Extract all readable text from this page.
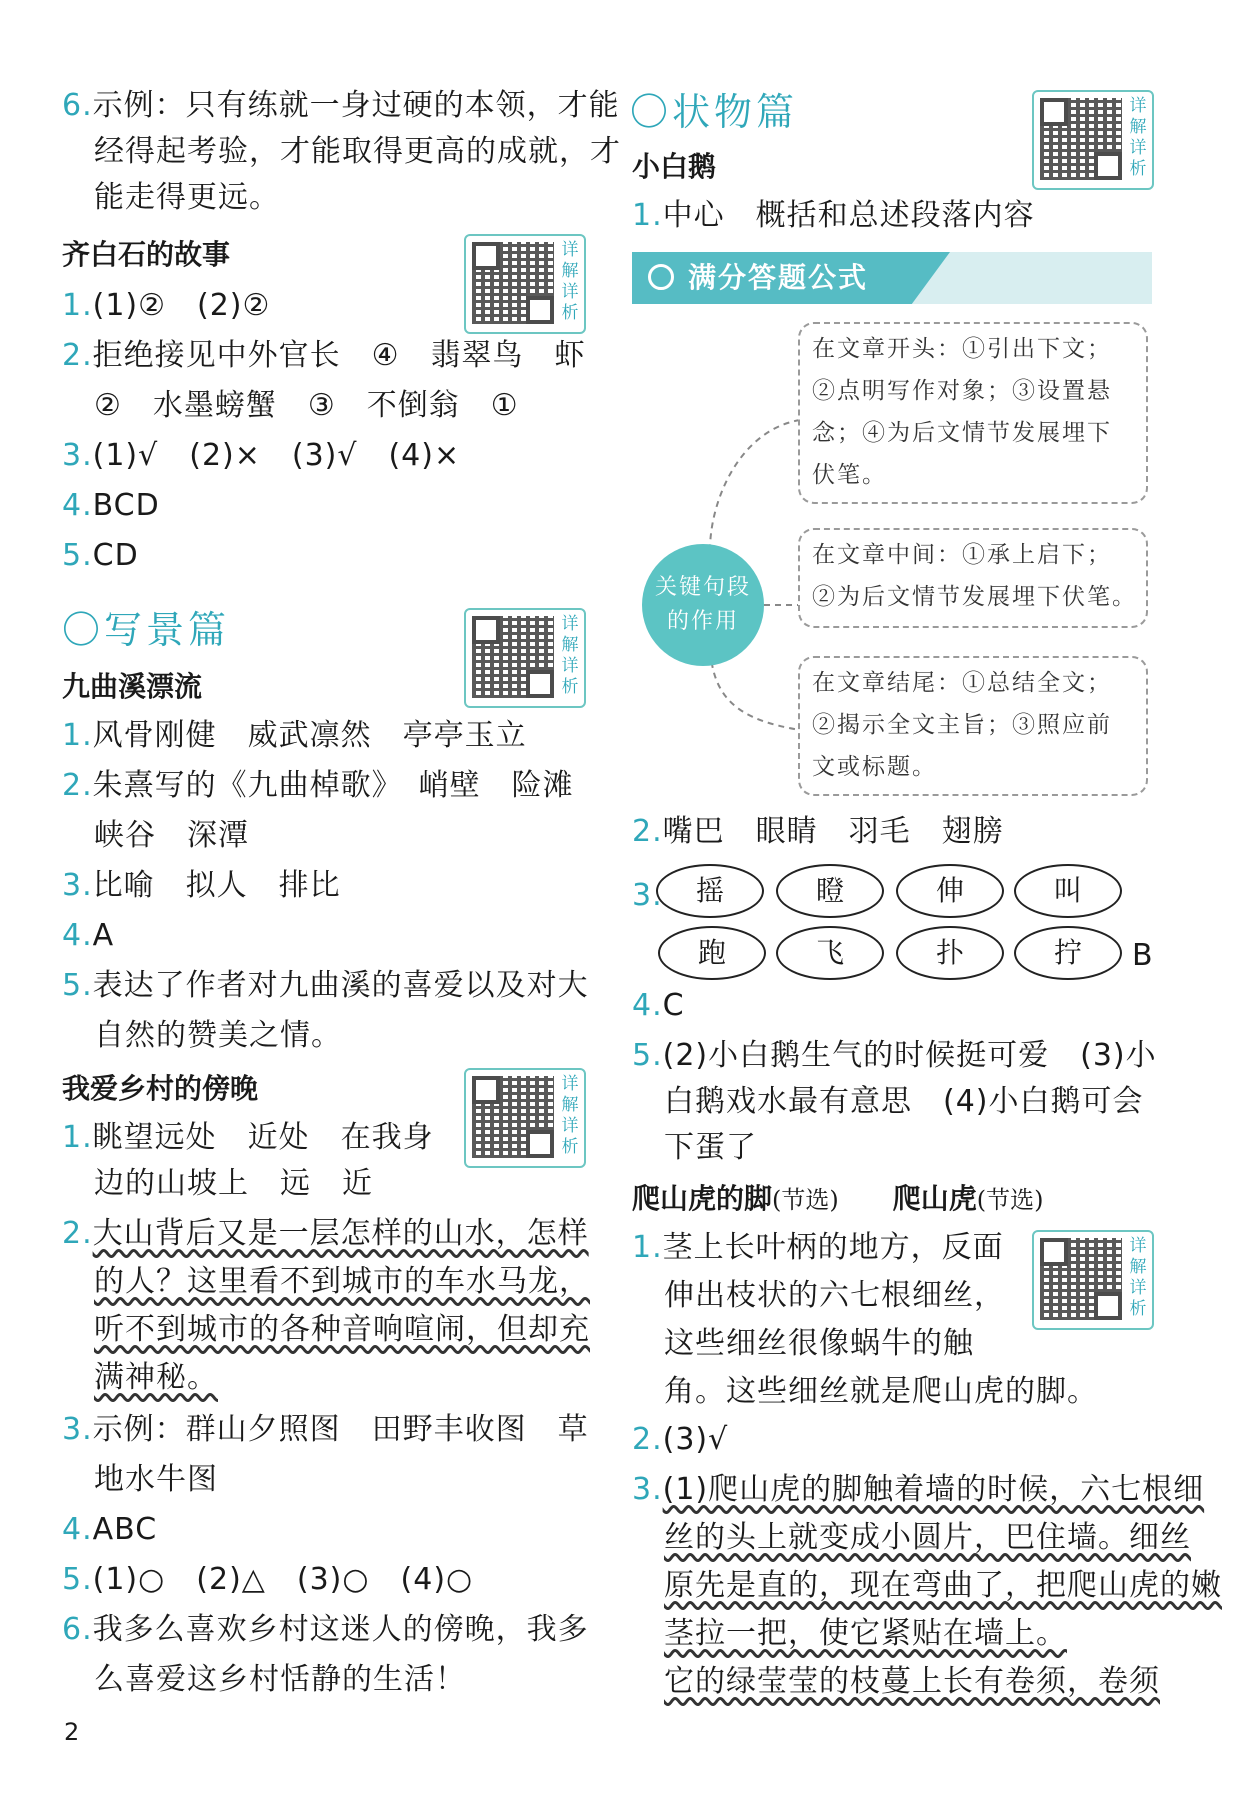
6.示例：只有练就一身过硬的本领，才能
经得起考验，才能取得更高的成就，才
能走得更远。
齐白石的故事	详解详析
1.(1)②　(2)②
2.拒绝接见中外官长　④　翡翠鸟　虾
②　水墨螃蟹　③　不倒翁　①
3.(1)√　(2)×　(3)√　(4)×
4.BCD
5.CD
〇写景篇	详解详析
九曲溪漂流
1.风骨刚健　威武凛然　亭亭玉立
2.朱熹写的《九曲棹歌》　峭壁　险滩
峡谷　深潭
3.比喻　拟人　排比
4.A
5.表达了作者对九曲溪的喜爱以及对大
自然的赞美之情。
我爱乡村的傍晚	详解详析
1.眺望远处　近处　在我身
边的山坡上　远　近
2.大山背后又是一层怎样的山水，怎样
的人？这里看不到城市的车水马龙，
听不到城市的各种音响喧闹，但却充
满神秘。
3.示例：群山夕照图　田野丰收图　草
地水牛图
4.ABC
5.(1)○　(2)△　(3)○　(4)○
6.我多么喜欢乡村这迷人的傍晚，我多
么喜爱这乡村恬静的生活！
〇状物篇	详解详析
小白鹅
1.中心　概括和总述段落内容
满分答题公式
关键句段
的作用
在文章开头：①引出下文；
②点明写作对象；③设置悬
念；④为后文情节发展埋下
伏笔。
在文章中间：①承上启下；
②为后文情节发展埋下伏笔。
在文章结尾：①总结全文；
②揭示全文主旨；③照应前
文或标题。
2.嘴巴　眼睛　羽毛　翅膀
3.	摇	瞪	伸	叫
跑	飞	扑	拧	B
4.C
5.(2)小白鹅生气的时候挺可爱　(3)小
白鹅戏水最有意思　(4)小白鹅可会
下蛋了
爬山虎的脚(节选) 爬山虎(节选)
详解详析
1.茎上长叶柄的地方，反面
伸出枝状的六七根细丝，
这些细丝很像蜗牛的触
角。这些细丝就是爬山虎的脚。
2.(3)√
3.(1)爬山虎的脚触着墙的时候，六七根细
丝的头上就变成小圆片，巴住墙。细丝
原先是直的，现在弯曲了，把爬山虎的嫩
茎拉一把，使它紧贴在墙上。
它的绿莹莹的枝蔓上长有卷须，卷须
2
